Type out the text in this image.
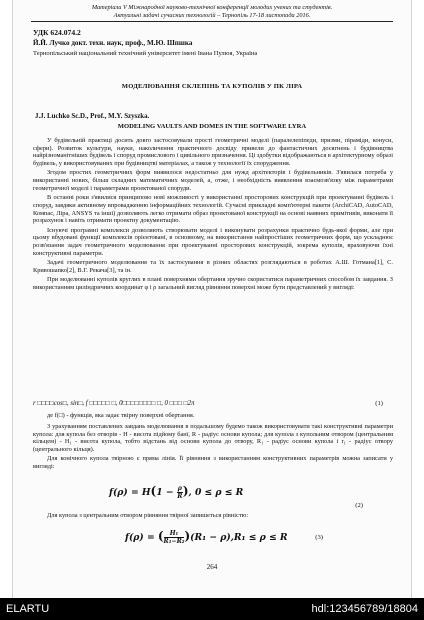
Матеріали V Міжнародної науково-технічної конференції молодих учених та студентів.
Актуальні задачі сучасних технологій – Тернопіль 17-18 листопада 2016.
УДК 624.074.2
Й.Й. Лучко докт. техн. наук, проф., М.Ю. Шпшка
Тернопільський національний технічний університет імені Івана Пулюя, Україна
МОДЕЛЮВАННЯ СКЛЕПІНЬ ТА КУПОЛІВ У ПК ЛІРА
J.J. Luchko Sc.D., Prof., M.Y. Szyszka.
MODELING VAULTS AND DOMES IN THE SOFTWARE LYRA

У будівельній практиці досить довго застосовували прості геометричні моделі (паралелепіпеди, призми, піраміди, конуси, сфери). Розвиток культури, науки, наколичення практичного досвіду привели до фантастичних досягнень і будівництва найрізноманітніших будівель і споруд промислового і цивільного призначення. Ці здобутки відображаються в архітектурному образі будівель, у використовуваних при будівництві матеріалах, а також у технології їх спорудження.

Згодом простих геометричних форм виявилося недостатньо для нужд архітекторів і будівельників. З'явилася потреба у використанні нових, більш складних математичних моделей, а, отже, і необхідність виявлення взаємозв'язку між параметрами геометричної моделі і параметрами проектованої споруди.

В останні роки з'явилися принципово нові можливості у використанні просторових конструкцій при проектуванні будівель і споруд, завдяки активному впровадженню інформаційних технологій. Сучасні прикладні комп'ютерні пакети (ArchiCAD, AutoCAD, Компас, Ліра, ANSYS та інші) дозволяють легко отримати образ проектованої конструкції на основі наявних примітивів, виконати її розрахунок і навіть отримати проектну документацію.

Існуючі програмні комплекси дозволяють створювати моделі і виконувати розрахунки практично будь-якої форми, але при цьому вбудовані функції комплексів орієнтовані, в основному, на використання найпростіших геометричних форм, що ускладнює розв'язання задач геометричного моделювання при проектуванні просторових конструкцій, зокрема куполів, враховуючи їхні конструктивні параметри.

Задачі геометричного моделювання та їх застосування в різних областях розглядаються в роботах А.Ш. Готмана[1], С. Кривошапко[2], В.Г. Рекача[3], та ін.

При моделюванні куполів круглих в плані поверхнями обертання зручно скористатися параметричних способом їх завдання. З використанням циліндричних координат φ і ρ загальний вигляд рівняння поверхні може бути представлений у вигляді:

r □□□□cos□, sin□, f □□□□□ □, 0□□□□□□□□ □, 0 □□□ □2π	(1)

де f(□) - функція, яка задає твірну поверхні обертання.

З урахуванням поставлених завдань моделювання в подальшому будемо також використовувати такі конструктивні параметри купола: для купола без отворів - H - висота підйому банї, R - радіус основи купола; для купола з купольним отвором (центральним кільцем) - H₁ - висота купола, тобто відстань від основи купола до отвору, R₁ - радіус основи купола і r₁ - радіус отвору (центрального кільця).

Для конічного купола твірною є пряма лінія. Її рівняння з використанням конструктивних параметрів можна записати у вигляді:

$f(\rho) = H(1 - \frac{\rho}{R}$ ), 0 ≤ ρ ≤ R
(2)

Для купола з центральним отвором рівняння твірної запишеться рівністю:

f(ρ) = ( $\frac{\text{H₁}}{\text{R₁−R₂}} )(R_1 - \rho),R_1 \le \rho \le R$	(3)
264
ELARTU	hdl:123456789/18804
